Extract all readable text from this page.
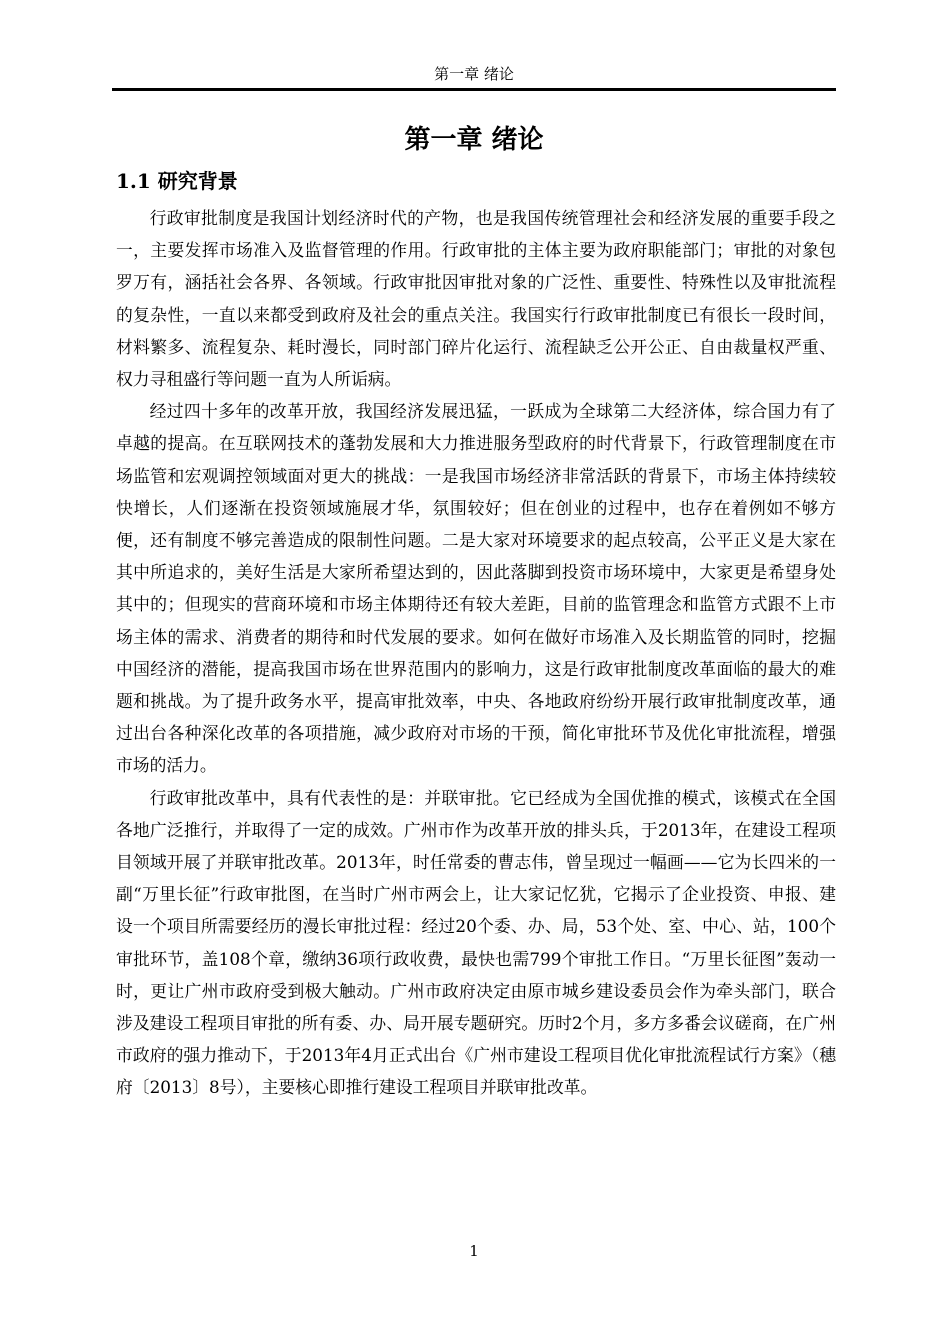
第一章 绪论
第一章 绪论
1.1 研究背景

行政审批制度是我国计划经济时代的产物，也是我国传统管理社会和经济发展的重要手段之一，主要发挥市场准入及监督管理的作用。行政审批的主体主要为政府职能部门；审批的对象包罗万有，涵括社会各界、各领域。行政审批因审批对象的广泛性、重要性、特殊性以及审批流程的复杂性，一直以来都受到政府及社会的重点关注。我国实行行政审批制度已有很长一段时间，材料繁多、流程复杂、耗时漫长，同时部门碎片化运行、流程缺乏公开公正、自由裁量权严重、权力寻租盛行等问题一直为人所诟病。

经过四十多年的改革开放，我国经济发展迅猛，一跃成为全球第二大经济体，综合国力有了卓越的提高。在互联网技术的蓬勃发展和大力推进服务型政府的时代背景下，行政管理制度在市场监管和宏观调控领域面对更大的挑战：一是我国市场经济非常活跃的背景下，市场主体持续较快增长，人们逐渐在投资领域施展才华，氛围较好；但在创业的过程中，也存在着例如不够方便，还有制度不够完善造成的限制性问题。二是大家对环境要求的起点较高，公平正义是大家在其中所追求的，美好生活是大家所希望达到的，因此落脚到投资市场环境中，大家更是希望身处其中的；但现实的营商环境和市场主体期待还有较大差距，目前的监管理念和监管方式跟不上市场主体的需求、消费者的期待和时代发展的要求。如何在做好市场准入及长期监管的同时，挖掘中国经济的潜能，提高我国市场在世界范围内的影响力，这是行政审批制度改革面临的最大的难题和挑战。为了提升政务水平，提高审批效率，中央、各地政府纷纷开展行政审批制度改革，通过出台各种深化改革的各项措施，减少政府对市场的干预，简化审批环节及优化审批流程，增强市场的活力。

行政审批改革中，具有代表性的是：并联审批。它已经成为全国优推的模式，该模式在全国各地广泛推行，并取得了一定的成效。广州市作为改革开放的排头兵，于2013年，在建设工程项目领域开展了并联审批改革。2013年，时任常委的曹志伟，曾呈现过一幅画——它为长四米的一副“万里长征”行政审批图，在当时广州市两会上，让大家记忆犹，它揭示了企业投资、申报、建设一个项目所需要经历的漫长审批过程：经过20个委、办、局，53个处、室、中心、站，100个审批环节，盖108个章，缴纳36项行政收费，最快也需799个审批工作日。“万里长征图”轰动一时，更让广州市政府受到极大触动。广州市政府决定由原市城乡建设委员会作为牵头部门，联合涉及建设工程项目审批的所有委、办、局开展专题研究。历时2个月，多方多番会议磋商，在广州市政府的强力推动下，于2013年4月正式出台《广州市建设工程项目优化审批流程试行方案》（穗府〔2013〕8号），主要核心即推行建设工程项目并联审批改革。

1
